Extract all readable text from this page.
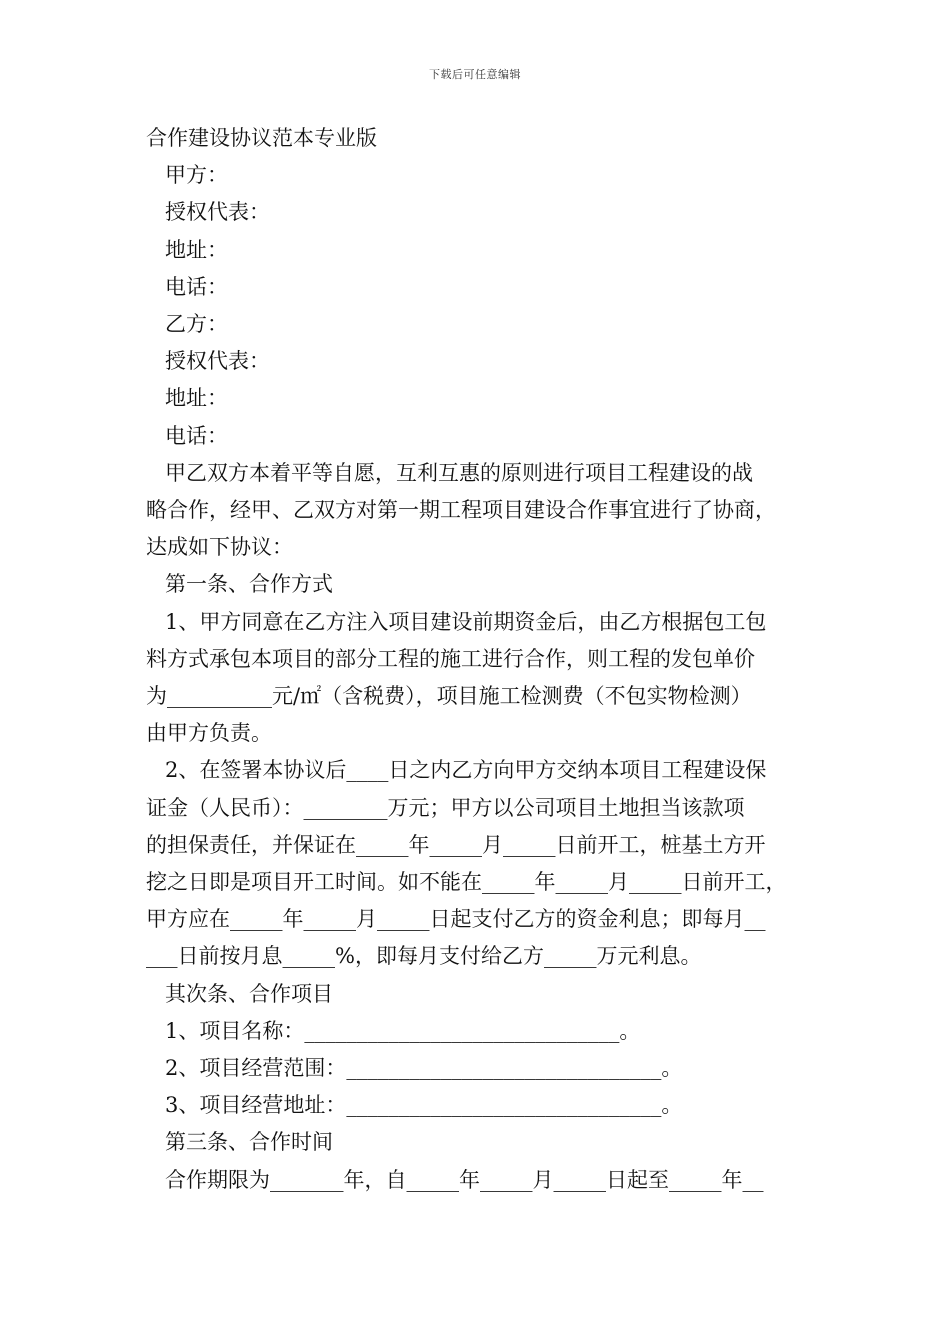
下载后可任意编辑
合作建设协议范本专业版
甲方：
授权代表：
地址：
电话：
乙方：
授权代表：
地址：
电话：
甲乙双方本着平等自愿，互利互惠的原则进行项目工程建设的战
略合作，经甲、乙双方对第一期工程项目建设合作事宜进行了协商，
达成如下协议：
第一条、合作方式
1、甲方同意在乙方注入项目建设前期资金后，由乙方根据包工包
料方式承包本项目的部分工程的施工进行合作，则工程的发包单价
为__________元/㎡（含税费），项目施工检测费（不包实物检测）
由甲方负责。
2、在签署本协议后____日之内乙方向甲方交纳本项目工程建设保
证金（人民币）：________万元；甲方以公司项目土地担当该款项
的担保责任，并保证在_____年_____月_____日前开工，桩基土方开
挖之日即是项目开工时间。如不能在_____年_____月_____日前开工，
甲方应在_____年_____月_____日起支付乙方的资金利息；即每月__
___日前按月息_____%，即每月支付给乙方_____万元利息。
其次条、合作项目
1、项目名称：______________________________。
2、项目经营范围：______________________________。
3、项目经营地址：______________________________。
第三条、合作时间
合作期限为_______年，自_____年_____月_____日起至_____年__
